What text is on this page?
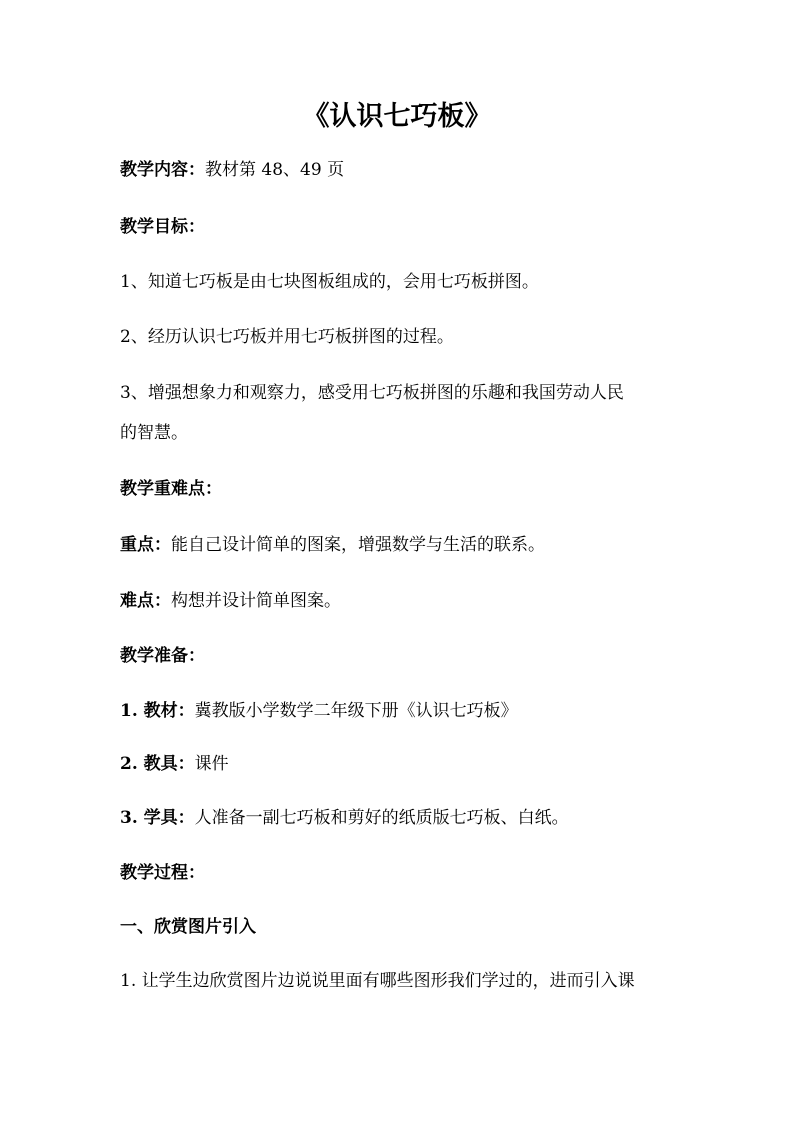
《认识七巧板》
教学内容：教材第 48、49 页
教学目标：
1、知道七巧板是由七块图板组成的，会用七巧板拼图。
2、经历认识七巧板并用七巧板拼图的过程。
3、增强想象力和观察力，感受用七巧板拼图的乐趣和我国劳动人民
的智慧。
教学重难点：
重点：能自己设计简单的图案，增强数学与生活的联系。
难点：构想并设计简单图案。
教学准备：
1. 教材：冀教版小学数学二年级下册《认识七巧板》
2. 教具：课件
3. 学具：人准备一副七巧板和剪好的纸质版七巧板、白纸。
教学过程：
一、欣赏图片引入
1. 让学生边欣赏图片边说说里面有哪些图形我们学过的，进而引入课
